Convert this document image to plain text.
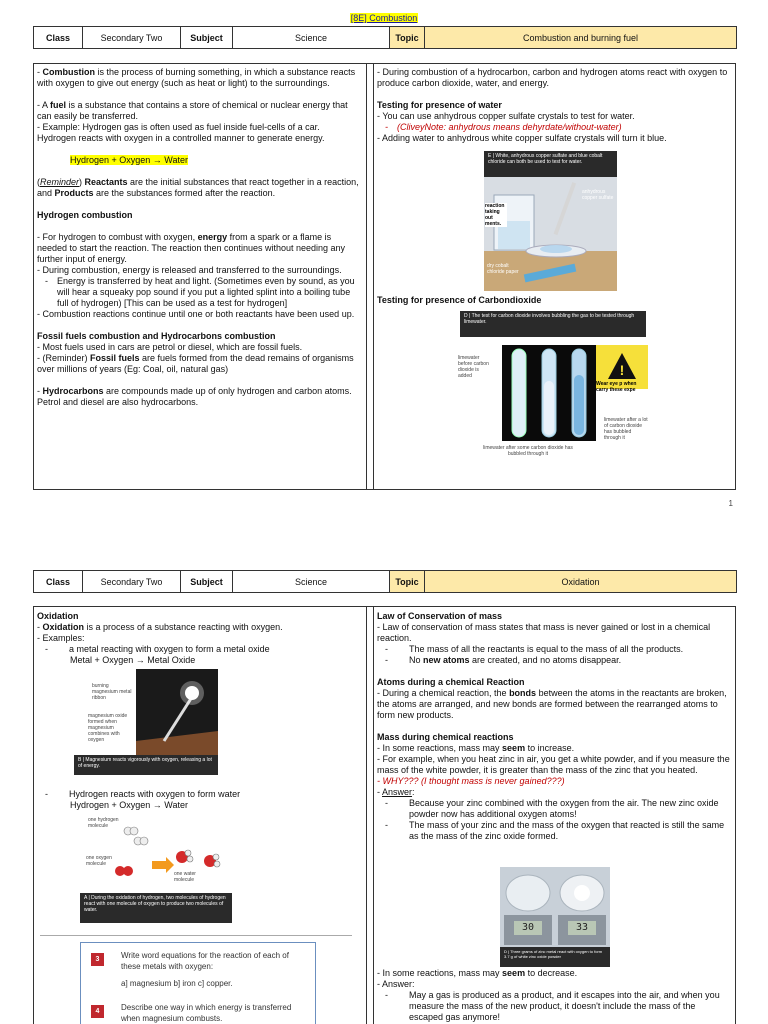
[8E] Combustion
Class	Secondary Two	Subject	Science	Topic	Combustion and burning fuel

- Combustion is the process of burning something, in which a substance reacts with oxygen to give out energy (such as heat or light) to the surroundings.

- A fuel is a substance that contains a store of chemical or nuclear energy that can easily be transferred.

- Example: Hydrogen gas is often used as fuel inside fuel-cells of a car. Hydrogen reacts with oxygen in a controlled manner to generate energy.

Hydrogen + Oxygen → Water

(Reminder) Reactants are the initial substances that react together in a reaction, and Products are the substances formed after the reaction.

Hydrogen combustion

- For hydrogen to combust with oxygen, energy from a spark or a flame is needed to start the reaction. The reaction then continues without needing any further input of energy.

- During combustion, energy is released and transferred to the surroundings.

- Energy is transferred by heat and light. (Sometimes even by sound, as you will hear a squeaky pop sound if you put a lighted splint into a boiling tube full of hydrogen) [This can be used as a test for hydrogen]

- Combustion reactions continue until one or both reactants have been used up.

Fossil fuels combustion and Hydrocarbons combustion

- Most fuels used in cars are petrol or diesel, which are fossil fuels.

- (Reminder) Fossil fuels are fuels formed from the dead remains of organisms over millions of years (Eg: Coal, oil, natural gas)

- Hydrocarbons are compounds made up of only hydrogen and carbon atoms. Petrol and diesel are also hydrocarbons.

- During combustion of a hydrocarbon, carbon and hydrogen atoms react with oxygen to produce carbon dioxide, water, and energy.

Testing for presence of water

- You can use anhydrous copper sulfate crystals to test for water.

- (CliveyNote: anhydrous means dehyrdate/without-water)

- Adding water to anhydrous white copper sulfate crystals will turn it blue.

E | White, anhydrous copper sulfate and blue cobalt chloride can both be used to test for water.
anhydrous copper sulfate
reaction taking out ments.
dry cobalt chloride paper

Testing for presence of Carbondioxide

D | The test for carbon dioxide involves bubbling the gas to be tested through limewater.
!
limewater before carbon dioxide is added
Wear eye p when carry these expe
limewater after a lot of carbon dioxide has bubbled through it
limewater after some carbon dioxide has bubbled through it
1
Class	Secondary Two	Subject	Science	Topic	Oxidation

Oxidation

- Oxidation is a process of a substance reacting with oxygen.

- Examples:

- a metal reacting with oxygen to form a metal oxide

Metal + Oxygen → Metal Oxide

burning magnesium metal ribbon
magnesium oxide formed when magnesium combines with oxygen
B | Magnesium reacts vigorously with oxygen, releasing a lot of energy.

- Hydrogen reacts with oxygen to form water

Hydrogen + Oxygen → Water

one hydrogen molecule
one oxygen molecule
one water molecule
A | During the oxidation of hydrogen, two molecules of hydrogen react with one molecule of oxygen to produce two molecules of water.
3	Write word equations for the reaction of each of these metals with oxygen:
a] magnesium b] iron c] copper.
4	Describe one way in which energy is transferred when magnesium combusts.

Law of Conservation of mass

- Law of conservation of mass states that mass is never gained or lost in a chemical reaction.

- The mass of all the reactants is equal to the mass of all the products.

- No new atoms are created, and no atoms disappear.

Atoms during a chemical Reaction

- During a chemical reaction, the bonds between the atoms in the reactants are broken, the atoms are arranged, and new bonds are formed between the rearranged atoms to form new products.

Mass during chemical reactions

- In some reactions, mass may seem to increase.

- For example, when you heat zinc in air, you get a white powder, and if you measure the mass of the white powder, it is greater than the mass of the zinc that you heated.

- WHY??? (I thought mass is never gained???)

- Answer:

-	Because your zinc combined with the oxygen from the air. The new zinc oxide powder now has additional oxygen atoms!

-	The mass of your zinc and the mass of the oxygen that reacted is still the same as the mass of the zinc oxide formed.

30	33
D | Three grams of zinc metal react with oxygen to form 3.7 g of white zinc oxide powder

- In some reactions, mass may seem to decrease.

- Answer:

-	May a gas is produced as a product, and it escapes into the air, and when you measure the mass of the new product, it doesn't include the mass of the escaped gas anymore!
